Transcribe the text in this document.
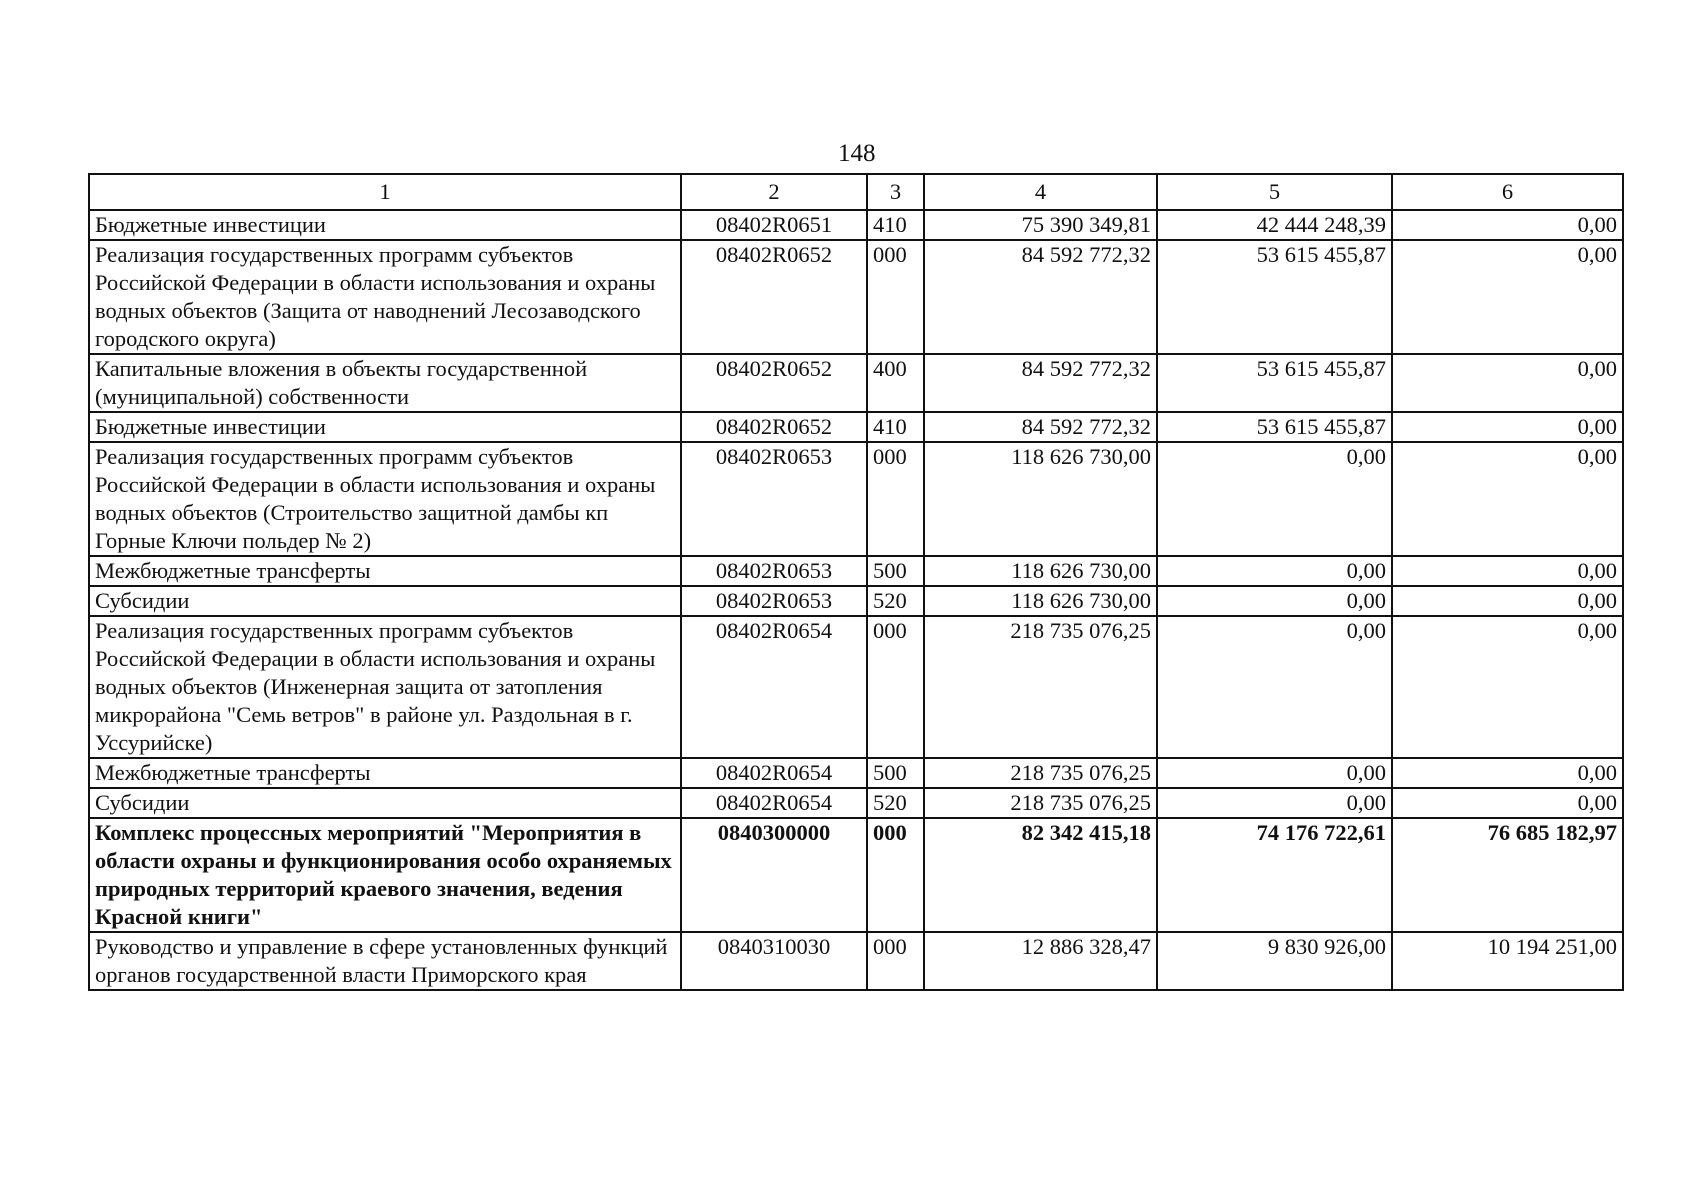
148
1	2	3	4	5	6
Бюджетные инвестиции	08402R0651	410	75 390 349,81	42 444 248,39	0,00
Реализация государственных программ субъектов Российской Федерации в области использования и охраны водных объектов (Защита от наводнений Лесозаводского городского округа)	08402R0652	000	84 592 772,32	53 615 455,87	0,00
Капитальные вложения в объекты государственной (муниципальной) собственности	08402R0652	400	84 592 772,32	53 615 455,87	0,00
Бюджетные инвестиции	08402R0652	410	84 592 772,32	53 615 455,87	0,00
Реализация государственных программ субъектов Российской Федерации в области использования и охраны водных объектов (Строительство защитной дамбы кп Горные Ключи польдер № 2)	08402R0653	000	118 626 730,00	0,00	0,00
Межбюджетные трансферты	08402R0653	500	118 626 730,00	0,00	0,00
Субсидии	08402R0653	520	118 626 730,00	0,00	0,00
Реализация государственных программ субъектов Российской Федерации в области использования и охраны водных объектов (Инженерная защита от затопления микрорайона "Семь ветров" в районе ул. Раздольная в г. Уссурийске)	08402R0654	000	218 735 076,25	0,00	0,00
Межбюджетные трансферты	08402R0654	500	218 735 076,25	0,00	0,00
Субсидии	08402R0654	520	218 735 076,25	0,00	0,00
Комплекс процессных мероприятий "Мероприятия в области охраны и функционирования особо охраняемых природных территорий краевого значения, ведения Красной книги"	0840300000	000	82 342 415,18	74 176 722,61	76 685 182,97
Руководство и управление в сфере установленных функций органов государственной власти Приморского края	0840310030	000	12 886 328,47	9 830 926,00	10 194 251,00
